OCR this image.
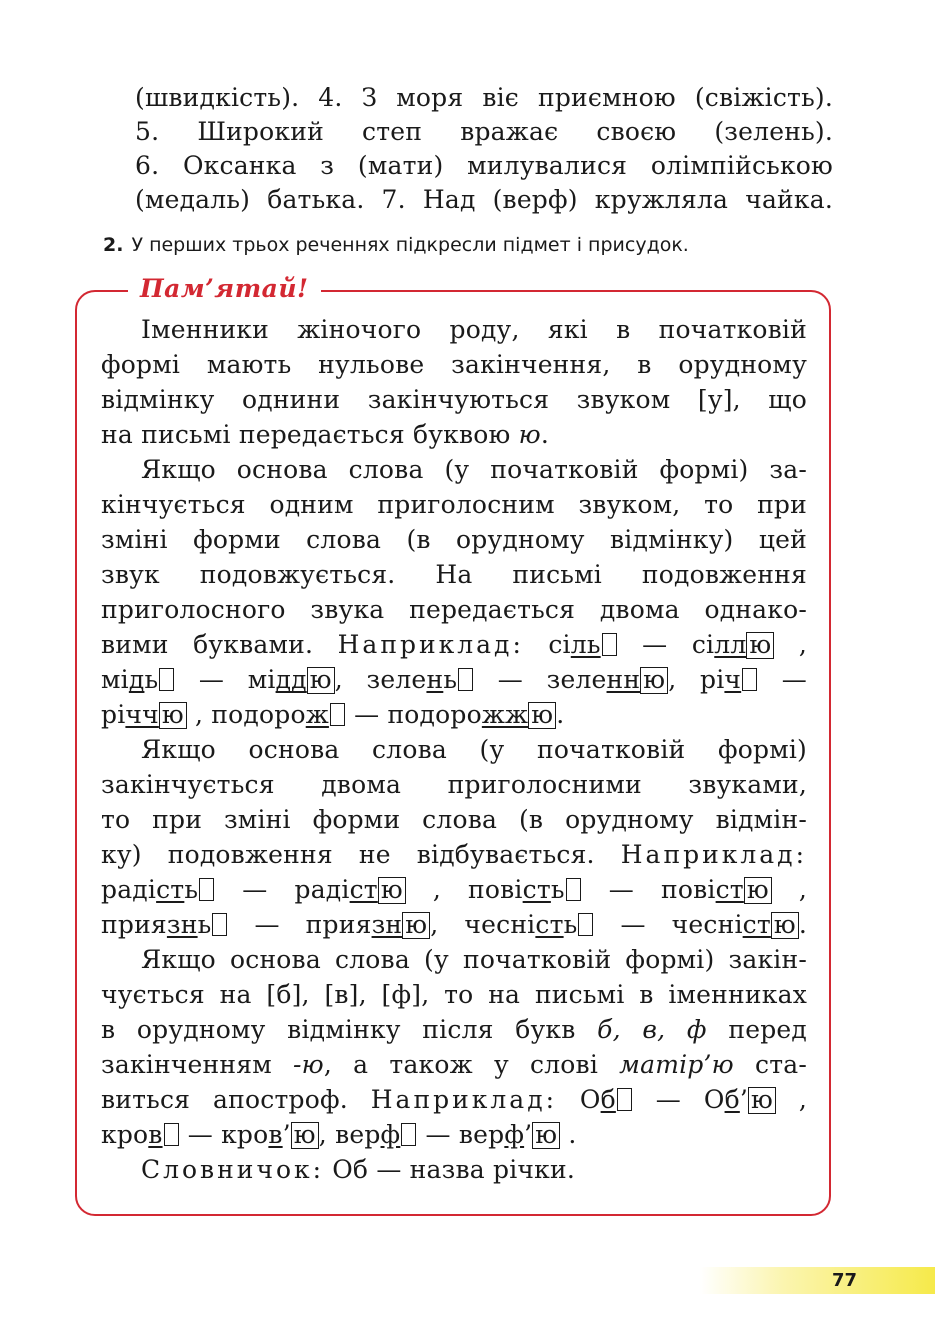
(швидкість). 4. З моря віє приємною (свіжість).
5. Широкий степ вражає своєю (зелень).
6. Оксанка з (мати) милувалися олімпійською
(медаль) батька. 7. Над (верф) кружляла чайка.
2. У перших трьох реченнях підкресли підмет і присудок.
Пам’ятай!
Іменники жіночого роду, які в початковій
формі мають нульове закінчення, в орудному
відмінку однини закінчуються звуком [у], що
на письмі передається буквою ю.
Якщо основа слова (у початковій формі) за-
кінчується одним приголосним звуком, то при
зміні форми слова (в орудному відмінку) цей
звук подовжується. На письмі подовження
приголосного звука передається двома однако-
вими буквами. Наприклад: сіль — сілл ю ,
мідь — мідд ю , зелень — зеленн ю , річ —
річч ю , подорож — подорожж ю .
Якщо основа слова (у початковій формі)
закінчується двома приголосними звуками,
то при зміні форми слова (в орудному відмін-
ку) подовження не відбувається. Наприклад:
радість — радіст ю , повість — повіст ю ,
приязнь — приязн ю , чесність — чесніст ю .
Якщо основа слова (у початковій формі) закін-
чується на [б], [в], [ф], то на письмі в іменниках
в орудному відмінку після букв б, в, ф перед
закінченням -ю, а також у слові матір’ю ста-
виться апостроф. Наприклад: Об — Об’ ю ,
кров — кров’ ю , верф — верф’ ю .
Словничок: Об — назва річки.
77
